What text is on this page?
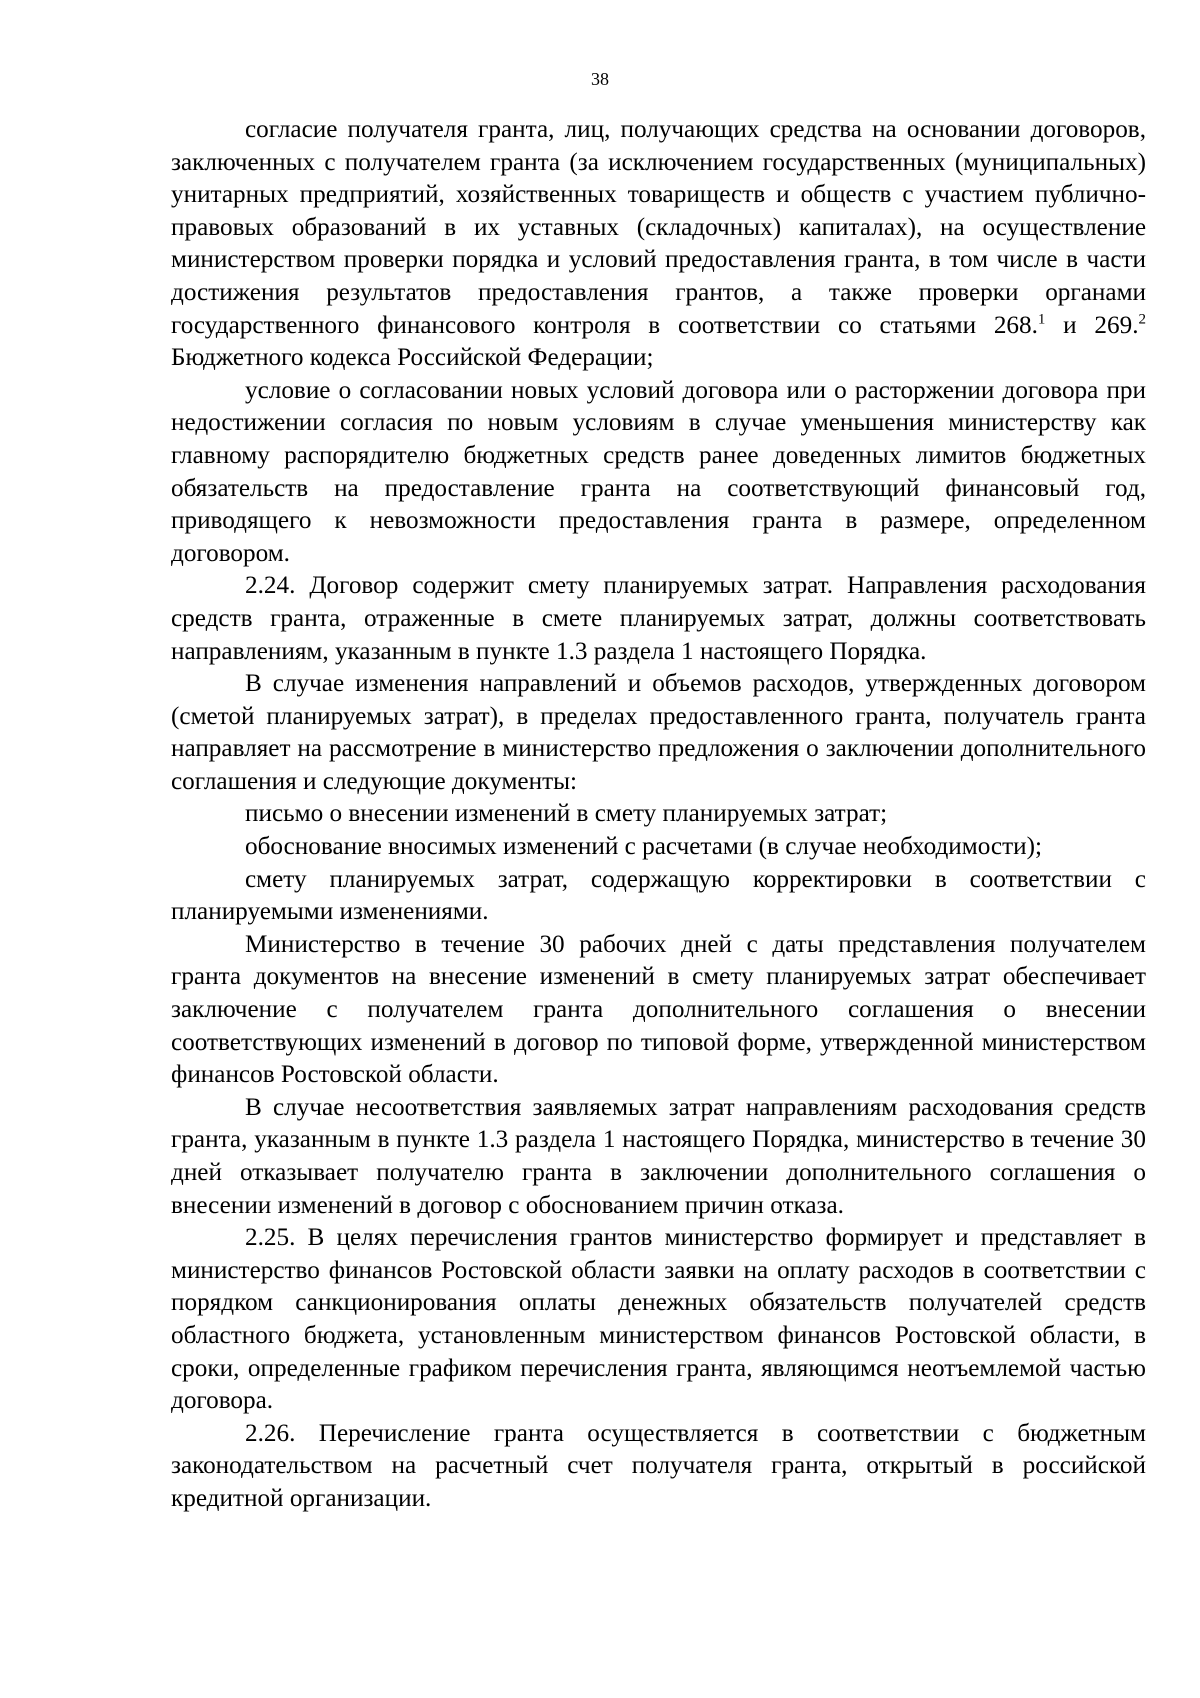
38

согласие получателя гранта, лиц, получающих средства на основании договоров, заключенных с получателем гранта (за исключением государственных (муниципальных) унитарных предприятий, хозяйственных товариществ и обществ с участием публично-правовых образований в их уставных (складочных) капиталах), на осуществление министерством проверки порядка и условий предоставления гранта, в том числе в части достижения результатов предоставления грантов, а также проверки органами государственного финансового контроля в соответствии со статьями 268.$^1$ и 269.$^2$ Бюджетного кодекса Российской Федерации;

условие о согласовании новых условий договора или о расторжении договора при недостижении согласия по новым условиям в случае уменьшения министерству как главному распорядителю бюджетных средств ранее доведенных лимитов бюджетных обязательств на предоставление гранта на соответствующий финансовый год, приводящего к невозможности предоставления гранта в размере, определенном договором.

2.24. Договор содержит смету планируемых затрат. Направления расходования средств гранта, отраженные в смете планируемых затрат, должны соответствовать направлениям, указанным в пункте 1.3 раздела 1 настоящего Порядка.

В случае изменения направлений и объемов расходов, утвержденных договором (сметой планируемых затрат), в пределах предоставленного гранта, получатель гранта направляет на рассмотрение в министерство предложения о заключении дополнительного соглашения и следующие документы:

письмо о внесении изменений в смету планируемых затрат;

обоснование вносимых изменений с расчетами (в случае необходимости);

смету планируемых затрат, содержащую корректировки в соответствии с планируемыми изменениями.

Министерство в течение 30 рабочих дней с даты представления получателем гранта документов на внесение изменений в смету планируемых затрат обеспечивает заключение с получателем гранта дополнительного соглашения о внесении соответствующих изменений в договор по типовой форме, утвержденной министерством финансов Ростовской области.

В случае несоответствия заявляемых затрат направлениям расходования средств гранта, указанным в пункте 1.3 раздела 1 настоящего Порядка, министерство в течение 30 дней отказывает получателю гранта в заключении дополнительного соглашения о внесении изменений в договор с обоснованием причин отказа.

2.25. В целях перечисления грантов министерство формирует и представляет в министерство финансов Ростовской области заявки на оплату расходов в соответствии с порядком санкционирования оплаты денежных обязательств получателей средств областного бюджета, установленным министерством финансов Ростовской области, в сроки, определенные графиком перечисления гранта, являющимся неотъемлемой частью договора.

2.26. Перечисление гранта осуществляется в соответствии с бюджетным законодательством на расчетный счет получателя гранта, открытый в российской кредитной организации.
